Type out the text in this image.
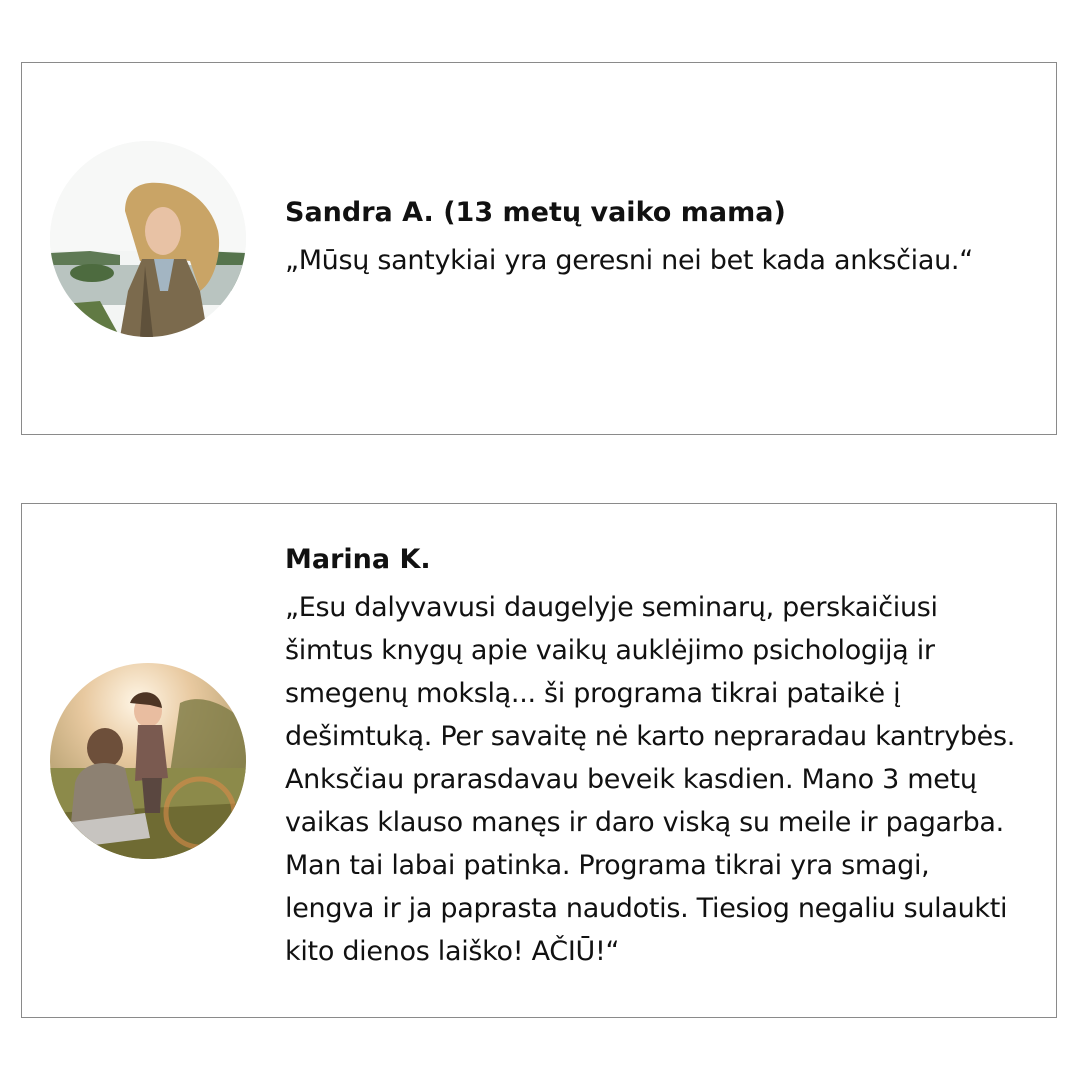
Sandra A. (13 metų vaiko mama)

„Mūsų santykiai yra geresni nei bet kada anksčiau.“

Marina K.

„Esu dalyvavusi daugelyje seminarų, perskaičiusi šimtus knygų apie vaikų auklėjimo psichologiją ir smegenų mokslą... ši programa tikrai pataikė į dešimtuką. Per savaitę nė karto nepraradau kantrybės. Anksčiau prarasdavau beveik kasdien. Mano 3 metų vaikas klauso manęs ir daro viską su meile ir pagarba. Man tai labai patinka. Programa tikrai yra smagi, lengva ir ja paprasta naudotis. Tiesiog negaliu sulaukti kito dienos laiško! AČIŪ!“
